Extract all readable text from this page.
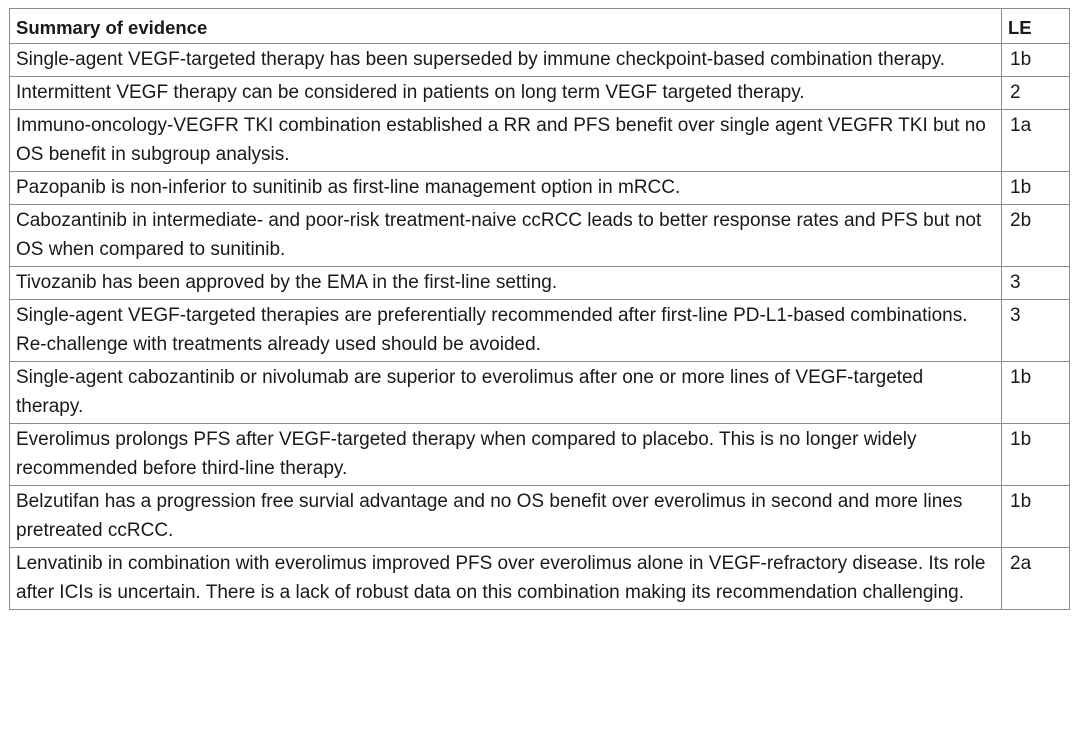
Summary of evidence	LE
Single-agent VEGF-targeted therapy has been superseded by immune checkpoint-based combination therapy.	1b
Intermittent VEGF therapy can be considered in patients on long term VEGF targeted therapy.	2
Immuno-oncology-VEGFR TKI combination established a RR and PFS benefit over single agent VEGFR TKI but no OS benefit in subgroup analysis.	1a
Pazopanib is non-inferior to sunitinib as first-line management option in mRCC.	1b
Cabozantinib in intermediate- and poor-risk treatment-naive ccRCC leads to better response rates and PFS but not OS when compared to sunitinib.	2b
Tivozanib has been approved by the EMA in the first-line setting.	3
Single-agent VEGF-targeted therapies are preferentially recommended after first-line PD-L1-based combinations. Re-challenge with treatments already used should be avoided.	3
Single-agent cabozantinib or nivolumab are superior to everolimus after one or more lines of VEGF-targeted therapy.	1b
Everolimus prolongs PFS after VEGF-targeted therapy when compared to placebo. This is no longer widely recommended before third-line therapy.	1b
Belzutifan has a progression free survial advantage and no OS benefit over everolimus in second and more lines pretreated ccRCC.	1b
Lenvatinib in combination with everolimus improved PFS over everolimus alone in VEGF-refractory disease. Its role after ICIs is uncertain. There is a lack of robust data on this combination making its recommendation challenging.	2a
